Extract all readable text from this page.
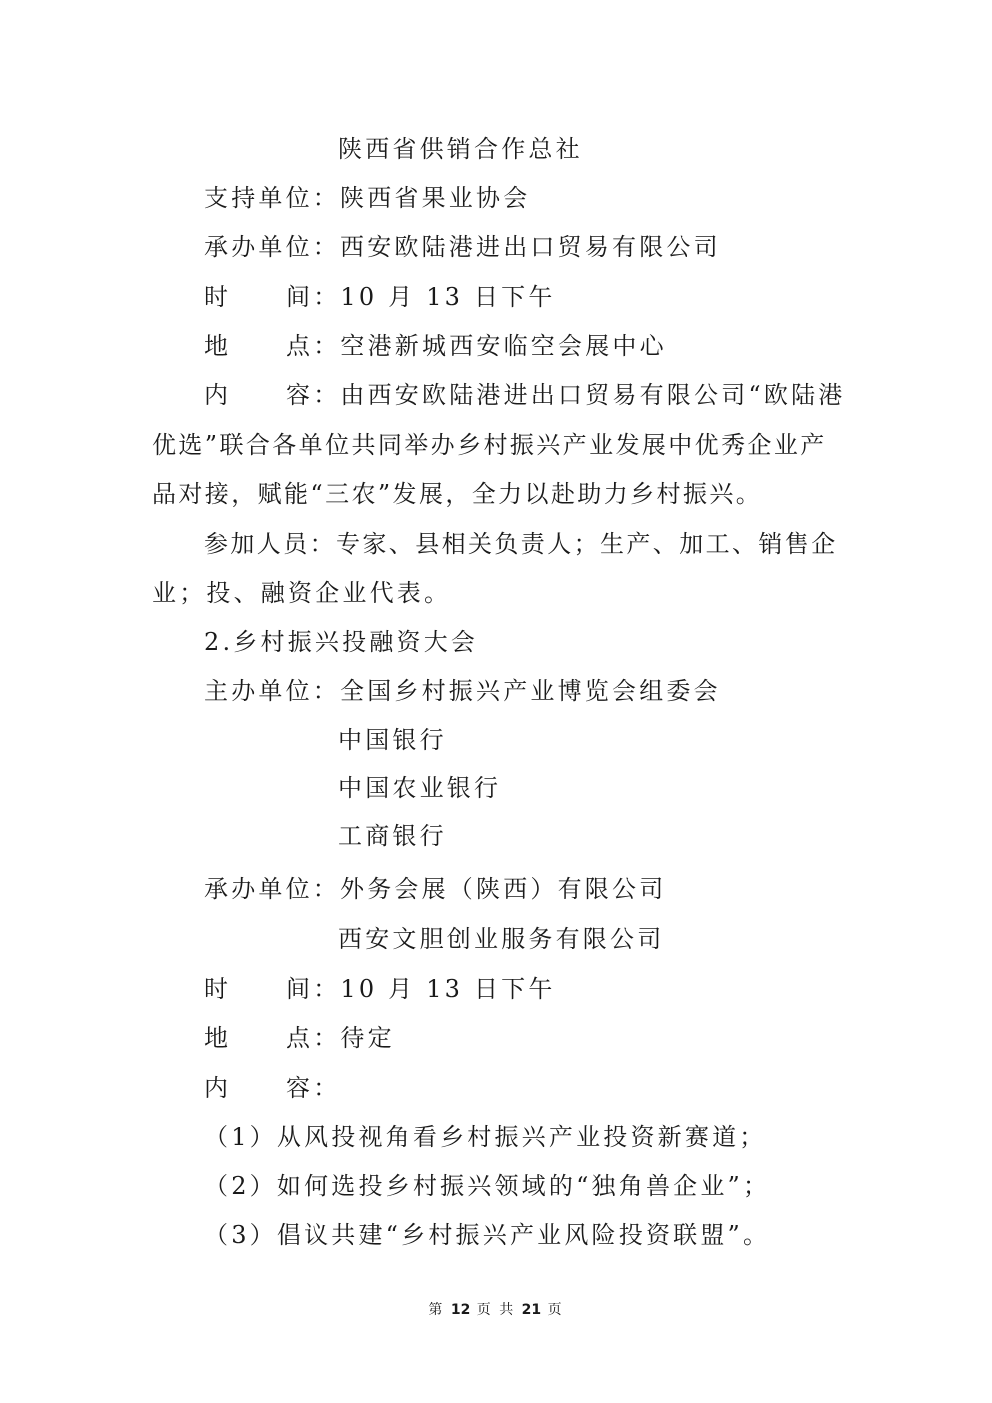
陕西省供销合作总社
支持单位：陕西省果业协会
承办单位：西安欧陆港进出口贸易有限公司
时 间：10 月 13 日下午
地 点：空港新城西安临空会展中心
内 容：由西安欧陆港进出口贸易有限公司“欧陆港
优选”联合各单位共同举办乡村振兴产业发展中优秀企业产
品对接，赋能“三农”发展，全力以赴助力乡村振兴。
参加人员：专家、县相关负责人；生产、加工、销售企
业；投、融资企业代表。
2.乡村振兴投融资大会
主办单位：全国乡村振兴产业博览会组委会
中国银行
中国农业银行
工商银行
承办单位：外务会展（陕西）有限公司
西安文胆创业服务有限公司
时 间：10 月 13 日下午
地 点：待定
内 容：
（1）从风投视角看乡村振兴产业投资新赛道；
（2）如何选投乡村振兴领域的“独角兽企业”；
（3）倡议共建“乡村振兴产业风险投资联盟”。
第 12 页 共 21 页
